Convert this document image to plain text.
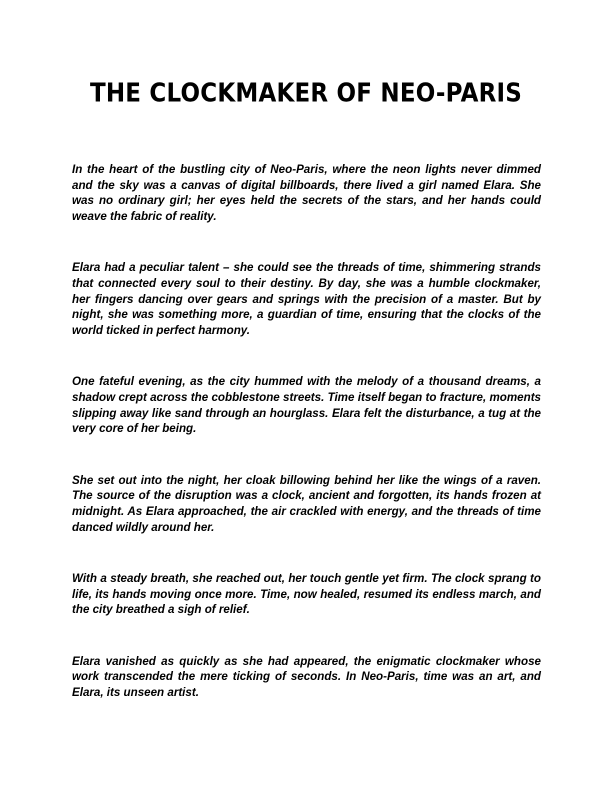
THE CLOCKMAKER OF NEO-PARIS

In the heart of the bustling city of Neo-Paris, where the neon lights never dimmed and the sky was a canvas of digital billboards, there lived a girl named Elara. She was no ordinary girl; her eyes held the secrets of the stars, and her hands could weave the fabric of reality.

Elara had a peculiar talent – she could see the threads of time, shimmering strands that connected every soul to their destiny. By day, she was a humble clockmaker, her fingers dancing over gears and springs with the precision of a master. But by night, she was something more, a guardian of time, ensuring that the clocks of the world ticked in perfect harmony.

One fateful evening, as the city hummed with the melody of a thousand dreams, a shadow crept across the cobblestone streets. Time itself began to fracture, moments slipping away like sand through an hourglass. Elara felt the disturbance, a tug at the very core of her being.

She set out into the night, her cloak billowing behind her like the wings of a raven. The source of the disruption was a clock, ancient and forgotten, its hands frozen at midnight. As Elara approached, the air crackled with energy, and the threads of time danced wildly around her.

With a steady breath, she reached out, her touch gentle yet firm. The clock sprang to life, its hands moving once more. Time, now healed, resumed its endless march, and the city breathed a sigh of relief.

Elara vanished as quickly as she had appeared, the enigmatic clockmaker whose work transcended the mere ticking of seconds. In Neo-Paris, time was an art, and Elara, its unseen artist.
